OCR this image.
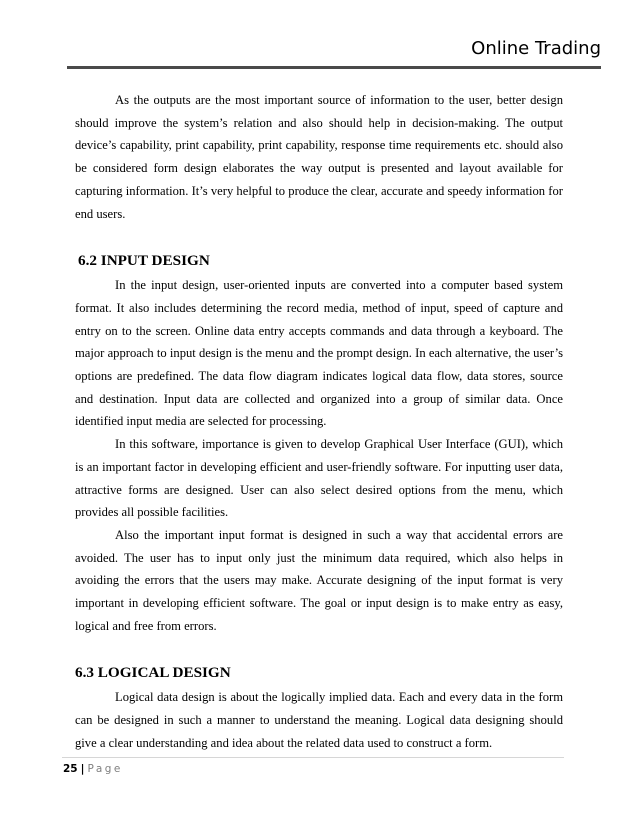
Online Trading

As the outputs are the most important source of information to the user, better design should improve the system’s relation and also should help in decision-making. The output device’s capability, print capability, print capability, response time requirements etc. should also be considered form design elaborates the way output is presented and layout available for capturing information. It’s very helpful to produce the clear, accurate and speedy information for end users.

6.2 INPUT DESIGN

In the input design, user-oriented inputs are converted into a computer based system format. It also includes determining the record media, method of input, speed of capture and entry on to the screen. Online data entry accepts commands and data through a keyboard. The major approach to input design is the menu and the prompt design. In each alternative, the user’s options are predefined. The data flow diagram indicates logical data flow, data stores, source and destination. Input data are collected and organized into a group of similar data. Once identified input media are selected for processing.

In this software, importance is given to develop Graphical User Interface (GUI), which is an important factor in developing efficient and user-friendly software. For inputting user data, attractive forms are designed. User can also select desired options from the menu, which provides all possible facilities.

Also the important input format is designed in such a way that accidental errors are avoided. The user has to input only just the minimum data required, which also helps in avoiding the errors that the users may make. Accurate designing of the input format is very important in developing efficient software. The goal or input design is to make entry as easy, logical and free from errors.

6.3 LOGICAL DESIGN

Logical data design is about the logically implied data. Each and every data in the form can be designed in such a manner to understand the meaning. Logical data designing should give a clear understanding and idea about the related data used to construct a form.

25 | Page
